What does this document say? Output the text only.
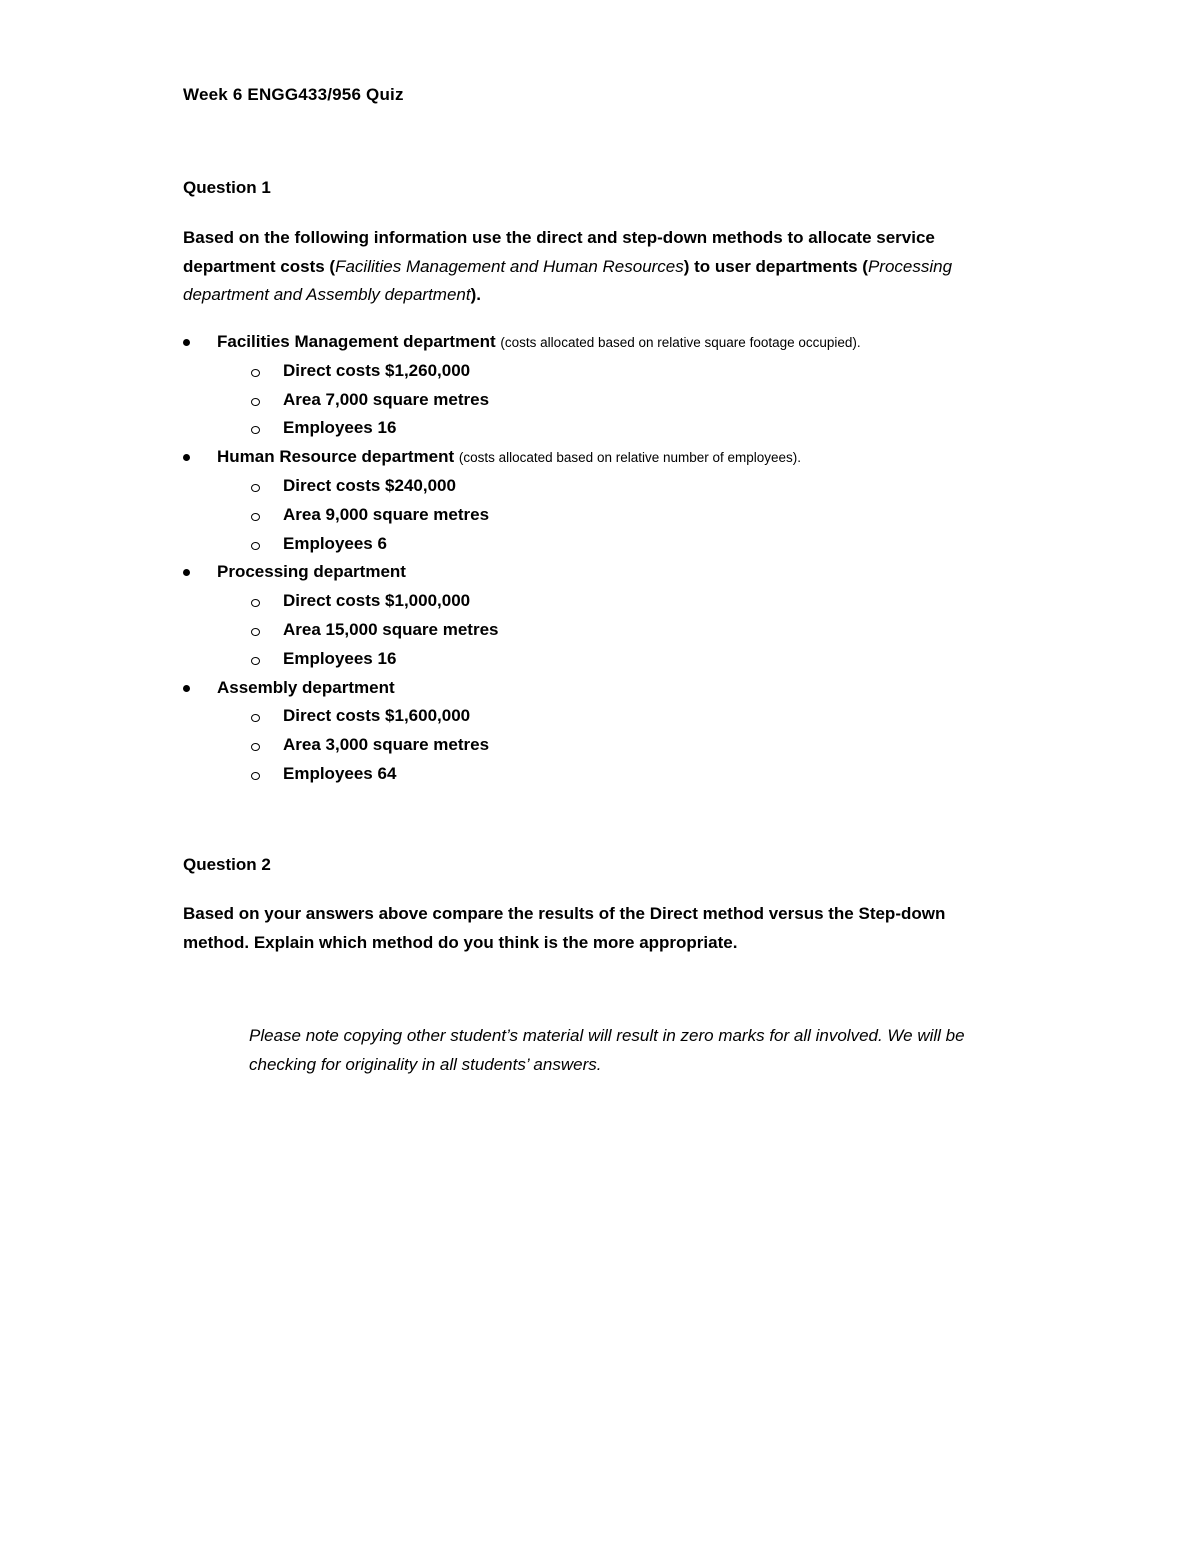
Week 6 ENGG433/956 Quiz
Question 1
Based on the following information use the direct and step-down methods to allocate service department costs (Facilities Management and Human Resources) to user departments (Processing department and Assembly department).
Facilities Management department (costs allocated based on relative square footage occupied).
Direct costs $1,260,000
Area 7,000 square metres
Employees 16
Human Resource department (costs allocated based on relative number of employees).
Direct costs $240,000
Area 9,000 square metres
Employees 6
Processing department
Direct costs $1,000,000
Area 15,000 square metres
Employees 16
Assembly department
Direct costs $1,600,000
Area 3,000 square metres
Employees 64
Question 2
Based on your answers above compare the results of the Direct method versus the Step-down method. Explain which method do you think is the more appropriate.
Please note copying other student’s material will result in zero marks for all involved. We will be checking for originality in all students’ answers.
